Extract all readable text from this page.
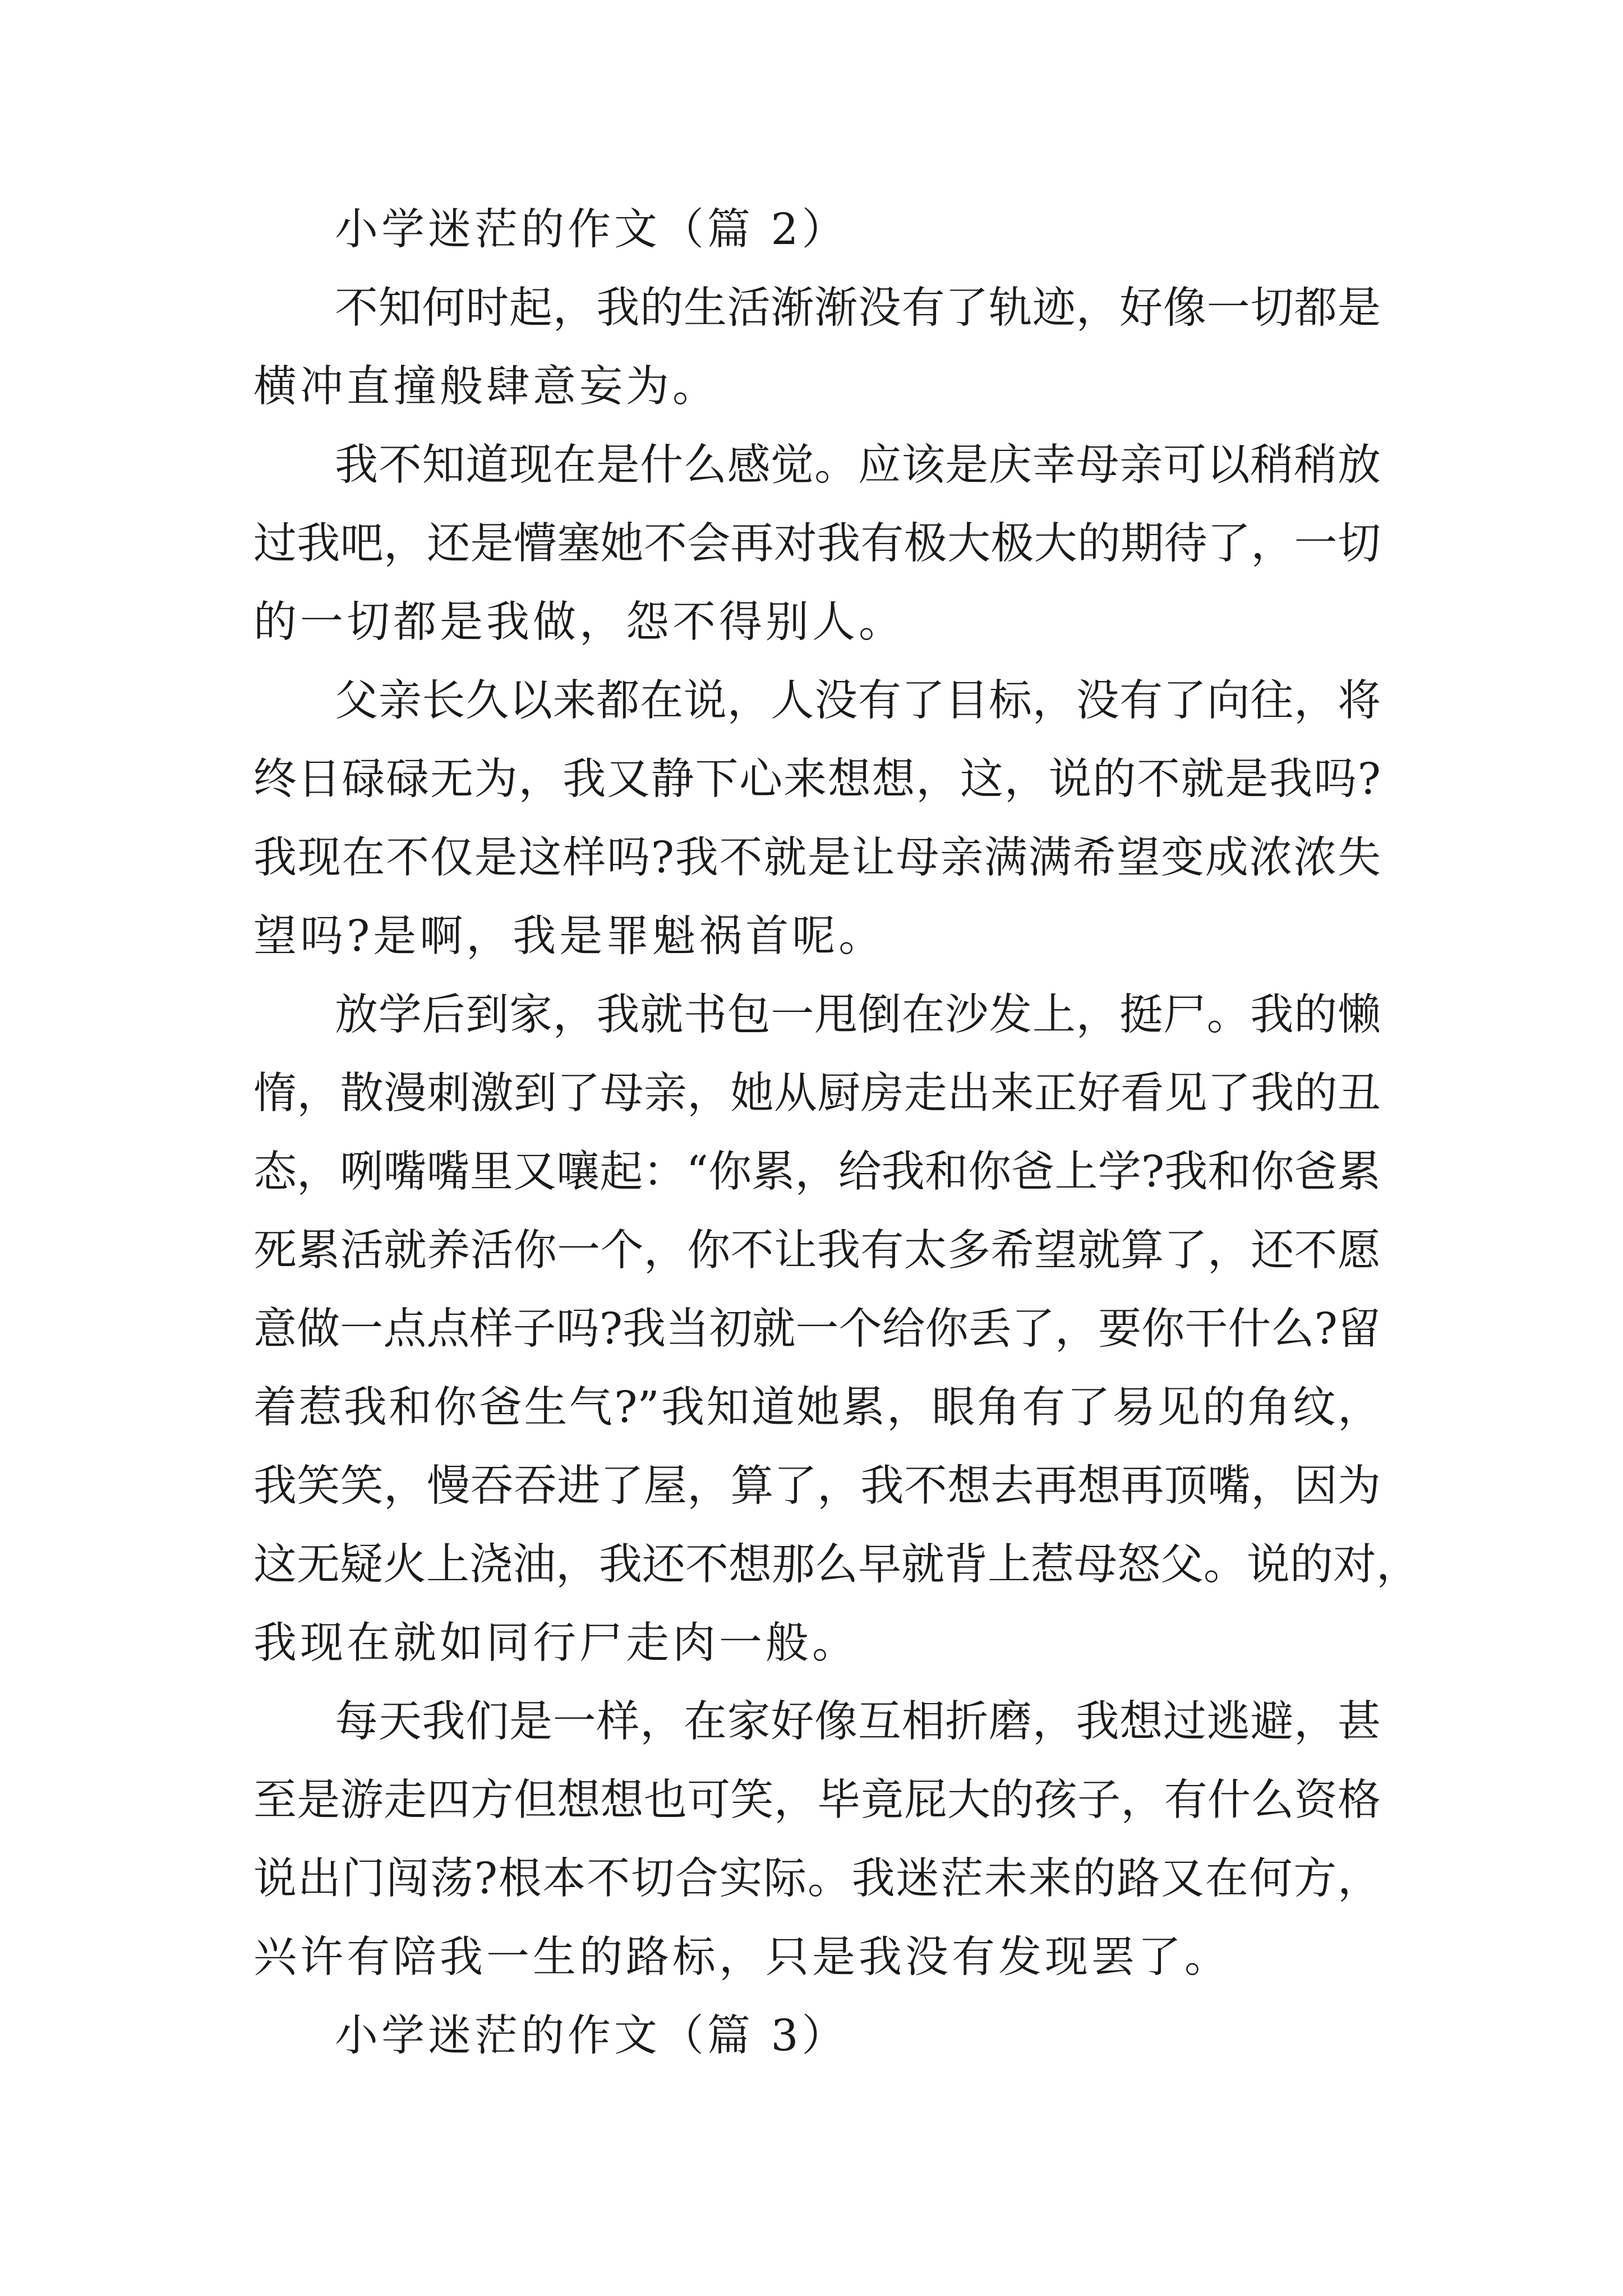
小学迷茫的作文（篇 2）
不知何时起，我的生活渐渐没有了轨迹，好像一切都是
横冲直撞般肆意妄为。
我不知道现在是什么感觉。应该是庆幸母亲可以稍稍放
过我吧，还是懵塞她不会再对我有极大极大的期待了，一切
的一切都是我做，怨不得别人。
父亲长久以来都在说，人没有了目标，没有了向往，将
终日碌碌无为，我又静下心来想想，这，说的不就是我吗?
我现在不仅是这样吗?我不就是让母亲满满希望变成浓浓失
望吗?是啊，我是罪魁祸首呢。
放学后到家，我就书包一甩倒在沙发上，挺尸。我的懒
惰，散漫刺激到了母亲，她从厨房走出来正好看见了我的丑
态，咧嘴嘴里又嚷起：“你累，给我和你爸上学?我和你爸累
死累活就养活你一个，你不让我有太多希望就算了，还不愿
意做一点点样子吗?我当初就一个给你丢了，要你干什么?留
着惹我和你爸生气?”我知道她累，眼角有了易见的角纹，
我笑笑，慢吞吞进了屋，算了，我不想去再想再顶嘴，因为
这无疑火上浇油，我还不想那么早就背上惹母怒父。说的对，
我现在就如同行尸走肉一般。
每天我们是一样，在家好像互相折磨，我想过逃避，甚
至是游走四方但想想也可笑，毕竟屁大的孩子，有什么资格
说出门闯荡?根本不切合实际。我迷茫未来的路又在何方，
兴许有陪我一生的路标，只是我没有发现罢了。
小学迷茫的作文（篇 3）
